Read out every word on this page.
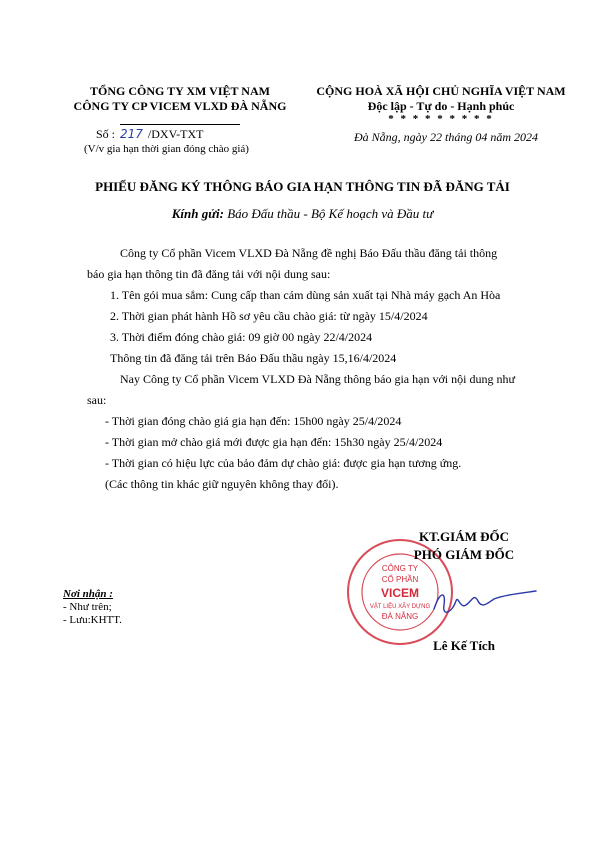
TỔNG CÔNG TY XM VIỆT NAM
CÔNG TY CP VICEM VLXD ĐÀ NẴNG
CỘNG HOÀ XÃ HỘI CHỦ NGHĨA VIỆT NAM
Độc lập - Tự do - Hạnh phúc
* * * * * * * * *
Số : 217 /DXV-TXT
(V/v gia hạn thời gian đóng chào giá)
Đà Nẵng, ngày 22 tháng 04 năm 2024
PHIẾU ĐĂNG KÝ THÔNG BÁO GIA HẠN THÔNG TIN ĐÃ ĐĂNG TẢI
Kính gửi: Báo Đấu thầu - Bộ Kế hoạch và Đầu tư

Công ty Cổ phần Vicem VLXD Đà Nẵng đề nghị Báo Đấu thầu đăng tải thông báo gia hạn thông tin đã đăng tải với nội dung sau:

1. Tên gói mua sắm: Cung cấp than cám dùng sản xuất tại Nhà máy gạch An Hòa

2. Thời gian phát hành Hồ sơ yêu cầu chào giá: từ ngày 15/4/2024

3. Thời điểm đóng chào giá: 09 giờ 00 ngày 22/4/2024

Thông tin đã đăng tải trên Báo Đấu thầu ngày 15,16/4/2024

Nay Công ty Cổ phần Vicem VLXD Đà Nẵng thông báo gia hạn với nội dung như sau:

- Thời gian đóng chào giá gia hạn đến: 15h00 ngày 25/4/2024

- Thời gian mở chào giá mới được gia hạn đến: 15h30 ngày 25/4/2024

- Thời gian có hiệu lực của bảo đảm dự chào giá: được gia hạn tương ứng.

(Các thông tin khác giữ nguyên không thay đổi).

CÔNG TY
CỔ PHẦN
VICEM
VẬT LIỆU XÂY DỰNG
ĐÀ NẴNG
KT.GIÁM ĐỐC
PHÓ GIÁM ĐỐC
Lê Kế Tích
Nơi nhận :
- Như trên;
- Lưu:KHTT.
